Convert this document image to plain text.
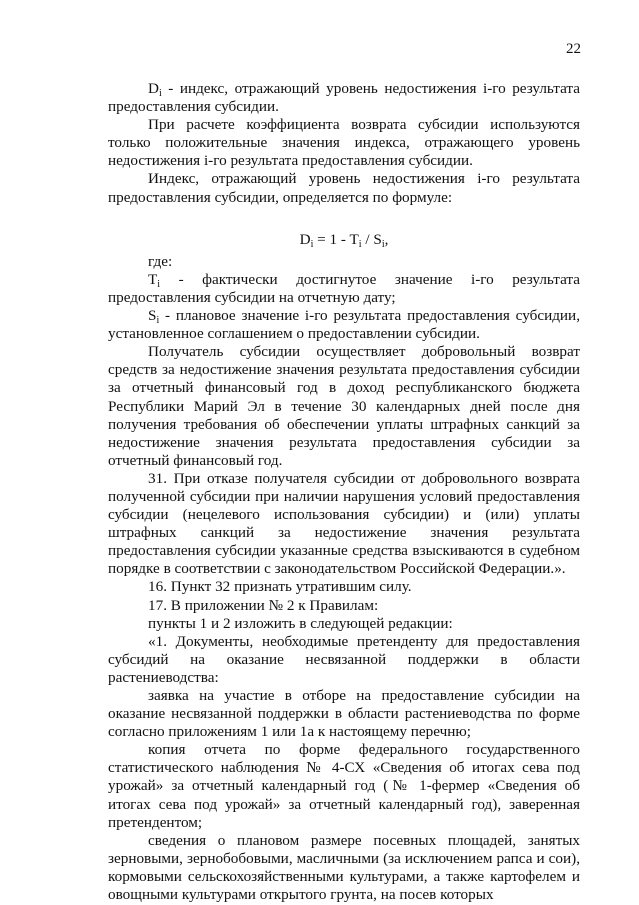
22

$D_i$ - индекс, отражающий уровень недостижения i-го результата предоставления субсидии.

При расчете коэффициента возврата субсидии используются только положительные значения индекса, отражающего уровень недостижения i-го результата предоставления субсидии.

Индекс, отражающий уровень недостижения i-го результата предоставления субсидии, определяется по формуле:

$D_i = 1 - T_i / S_i$,

где:

$T_i$ - фактически достигнутое значение i-го результата предоставления субсидии на отчетную дату;

$S_i$ - плановое значение i-го результата предоставления субсидии, установленное соглашением о предоставлении субсидии.

Получатель субсидии осуществляет добровольный возврат средств за недостижение значения результата предоставления субсидии за отчетный финансовый год в доход республиканского бюджета Республики Марий Эл в течение 30 календарных дней после дня получения требования об обеспечении уплаты штрафных санкций за недостижение значения результата предоставления субсидии за отчетный финансовый год.

31. При отказе получателя субсидии от добровольного возврата полученной субсидии при наличии нарушения условий предоставления субсидии (нецелевого использования субсидии) и (или) уплаты штрафных санкций за недостижение значения результата предоставления субсидии указанные средства взыскиваются в судебном порядке в соответствии с законодательством Российской Федерации.».

16. Пункт 32 признать утратившим силу.

17. В приложении № 2 к Правилам:

пункты 1 и 2 изложить в следующей редакции:

«1. Документы, необходимые претенденту для предоставления субсидий на оказание несвязанной поддержки в области растениеводства:

заявка на участие в отборе на предоставление субсидии на оказание несвязанной поддержки в области растениеводства по форме согласно приложениям 1 или 1а к настоящему перечню;

копия отчета по форме федерального государственного статистического наблюдения № 4-СХ «Сведения об итогах сева под урожай» за отчетный календарный год (№ 1-фермер «Сведения об итогах сева под урожай» за отчетный календарный год), заверенная претендентом;

сведения о плановом размере посевных площадей, занятых зерновыми, зернобобовыми, масличными (за исключением рапса и сои), кормовыми сельскохозяйственными культурами, а также картофелем и овощными культурами открытого грунта, на посев которых
